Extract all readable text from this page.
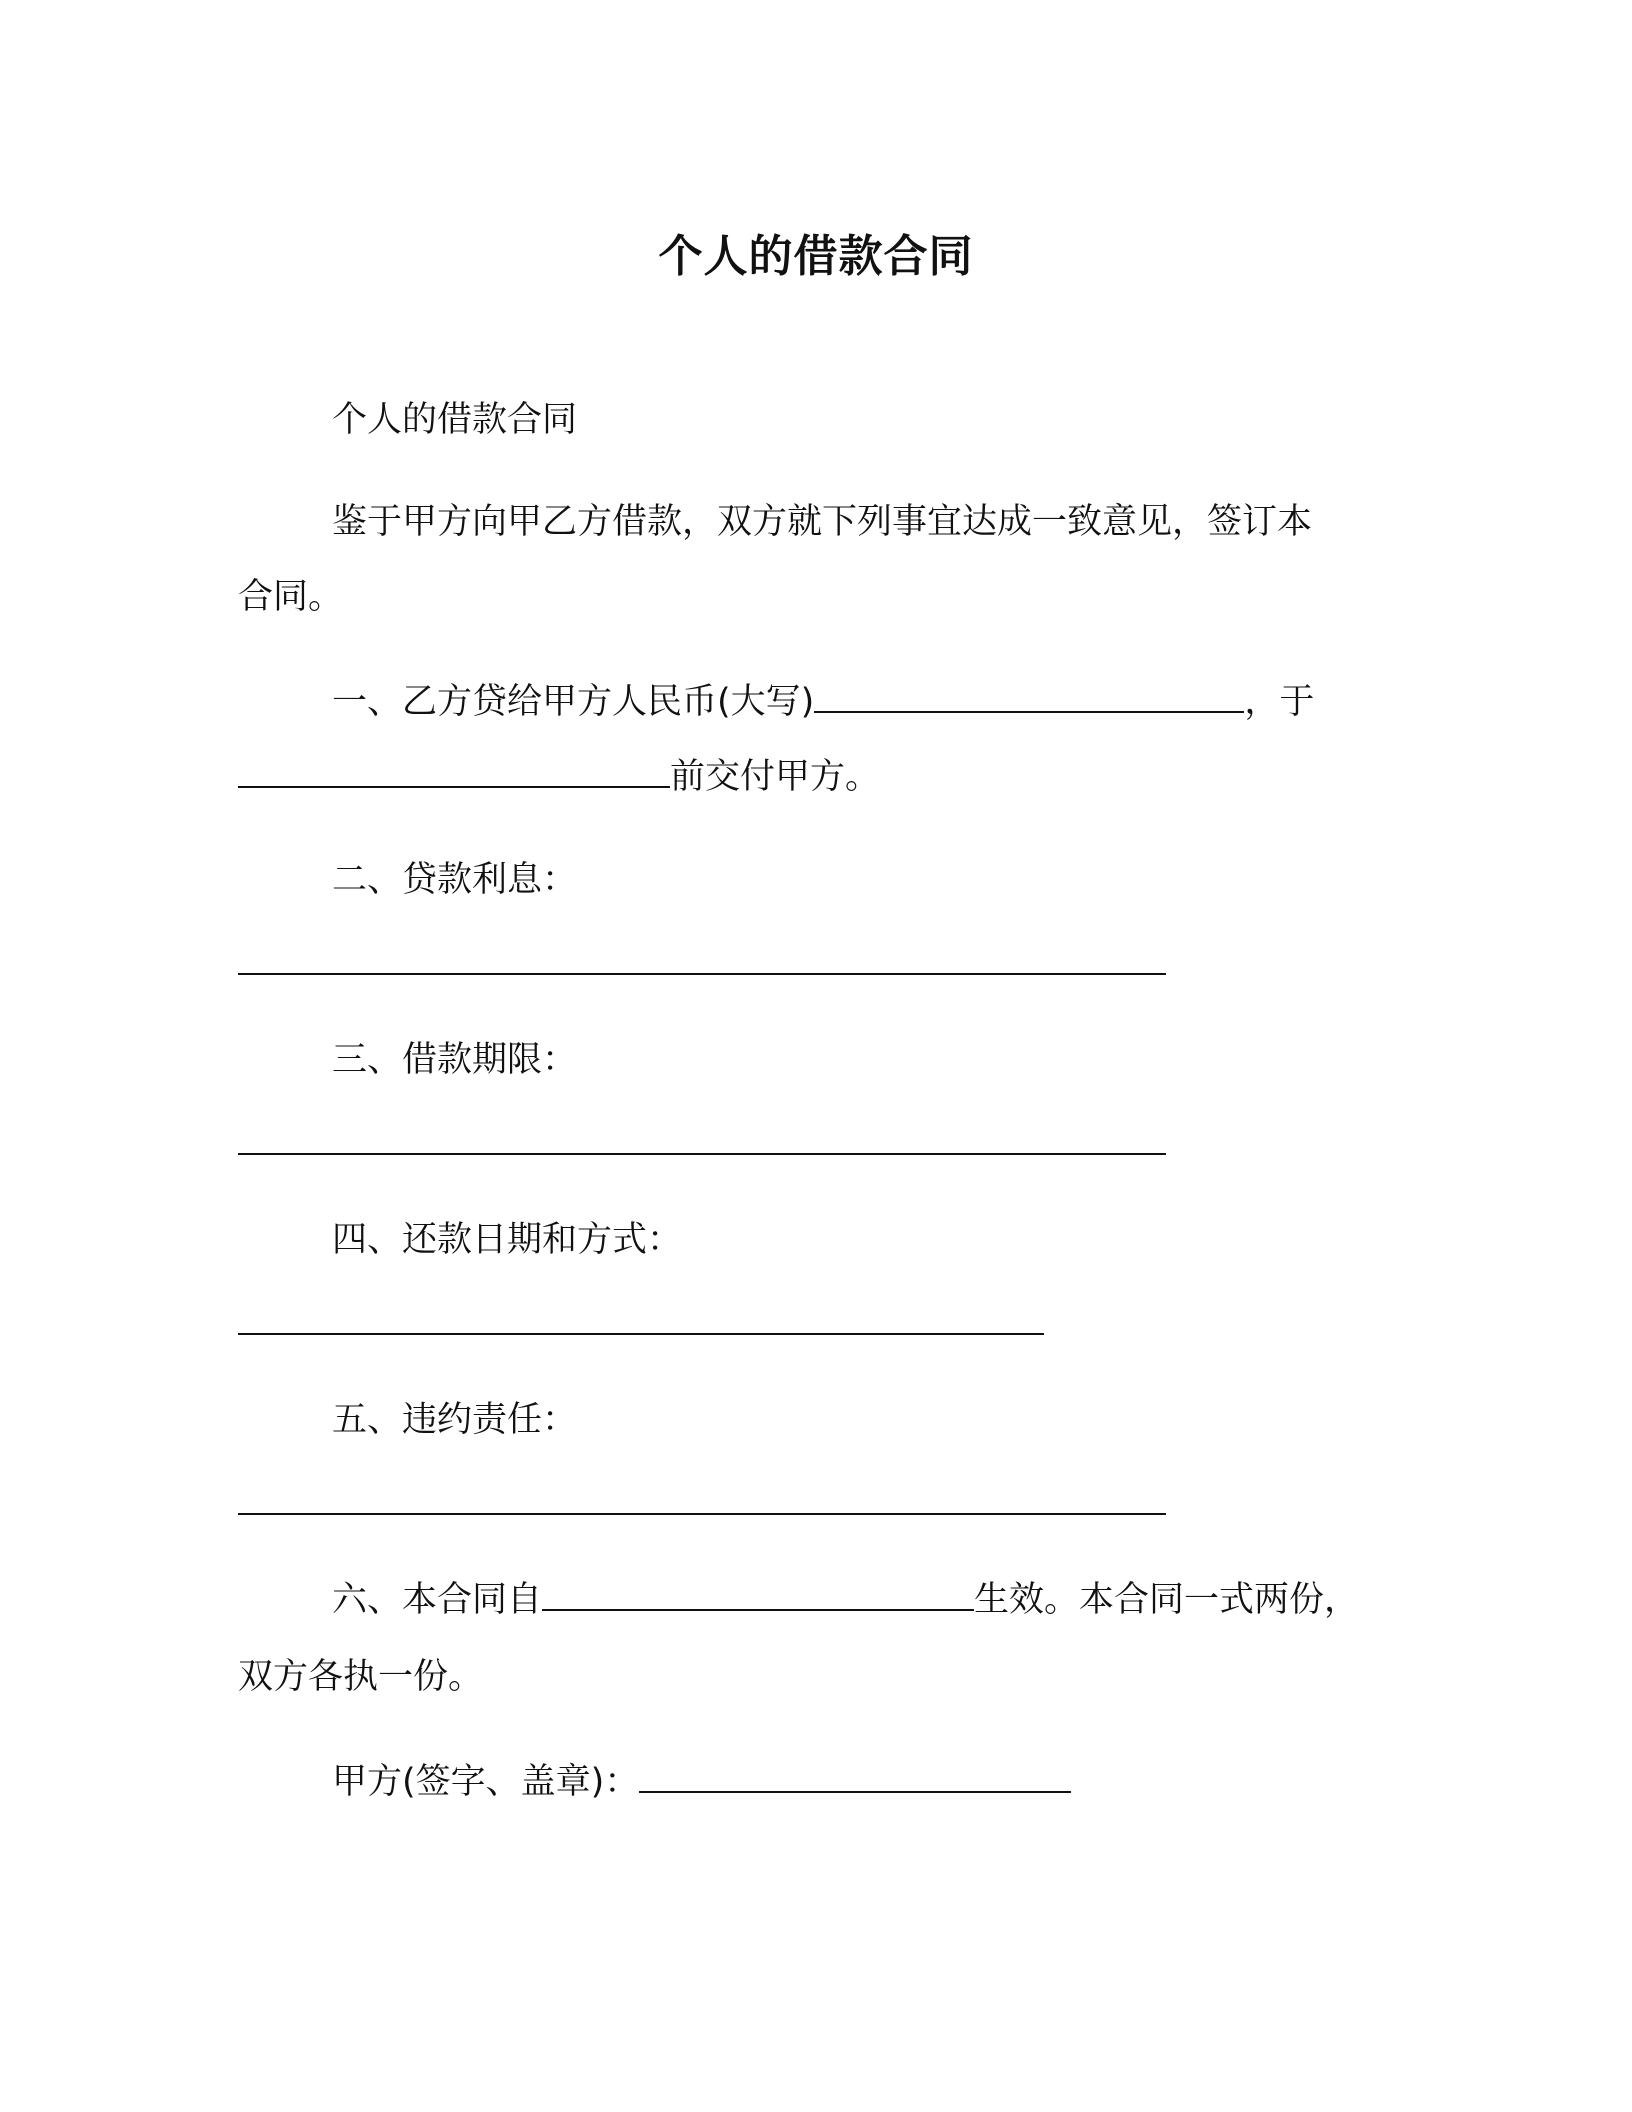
个人的借款合同
个人的借款合同
鉴于甲方向甲乙方借款，双方就下列事宜达成一致意见，签订本
合同。
一、乙方贷给甲方人民币(大写)	，于
前交付甲方。
二、贷款利息：
三、借款期限：
四、还款日期和方式：
五、违约责任：
六、本合同自	生效。本合同一式两份，
双方各执一份。
甲方(签字、盖章)：
